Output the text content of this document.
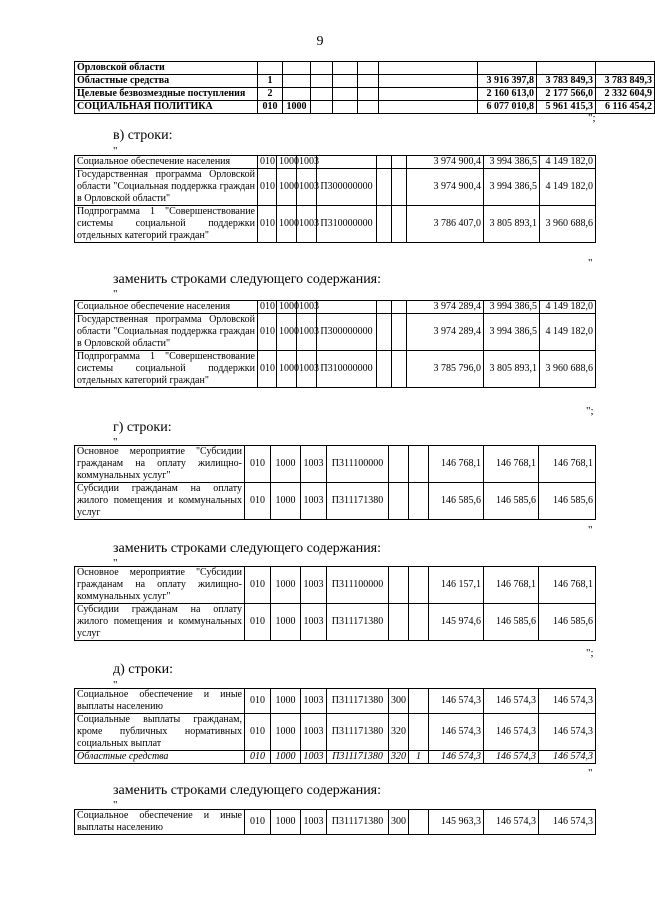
9
Орловской области									
Областные средства	1						3 916 397,8	3 783 849,3	3 783 849,3
Целевые безвозмездные поступления	2						2 160 613,0	2 177 566,0	2 332 604,9
СОЦИАЛЬНАЯ ПОЛИТИКА	010	1000					6 077 010,8	5 961 415,3	6 116 454,2
";
в) строки:
"
Социальное обеспечение населения	010	1000	1003				3 974 900,4	3 994 386,5	4 149 182,0
Государственная программа Орловской области "Социальная поддержка граждан в Орловской области"	010	1000	1003	П300000000			3 974 900,4	3 994 386,5	4 149 182,0
Подпрограмма 1 "Совершенствование системы социальной поддержки отдельных категорий граждан"	010	1000	1003	П310000000			3 786 407,0	3 805 893,1	3 960 688,6
"
заменить строками следующего содержания:
"
Социальное обеспечение населения	010	1000	1003				3 974 289,4	3 994 386,5	4 149 182,0
Государственная программа Орловской области "Социальная поддержка граждан в Орловской области"	010	1000	1003	П300000000			3 974 289,4	3 994 386,5	4 149 182,0
Подпрограмма 1 "Совершенствование системы социальной поддержки отдельных категорий граждан"	010	1000	1003	П310000000			3 785 796,0	3 805 893,1	3 960 688,6
";
г) строки:
"
Основное мероприятие "Субсидии гражданам на оплату жилищно-коммунальных услуг"	010	1000	1003	П311100000			146 768,1	146 768,1	146 768,1
Субсидии гражданам на оплату жилого помещения и коммунальных услуг	010	1000	1003	П311171380			146 585,6	146 585,6	146 585,6
"
заменить строками следующего содержания:
"
Основное мероприятие "Субсидии гражданам на оплату жилищно-коммунальных услуг"	010	1000	1003	П311100000			146 157,1	146 768,1	146 768,1
Субсидии гражданам на оплату жилого помещения и коммунальных услуг	010	1000	1003	П311171380			145 974,6	146 585,6	146 585,6
";
д) строки:
"
Социальное обеспечение и иные выплаты населению	010	1000	1003	П311171380	300		146 574,3	146 574,3	146 574,3
Социальные выплаты гражданам, кроме публичных нормативных социальных выплат	010	1000	1003	П311171380	320		146 574,3	146 574,3	146 574,3
Областные средства	010	1000	1003	П311171380	320	1	146 574,3	146 574,3	146 574,3
"
заменить строками следующего содержания:
"
Социальное обеспечение и иные выплаты населению	010	1000	1003	П311171380	300		145 963,3	146 574,3	146 574,3
